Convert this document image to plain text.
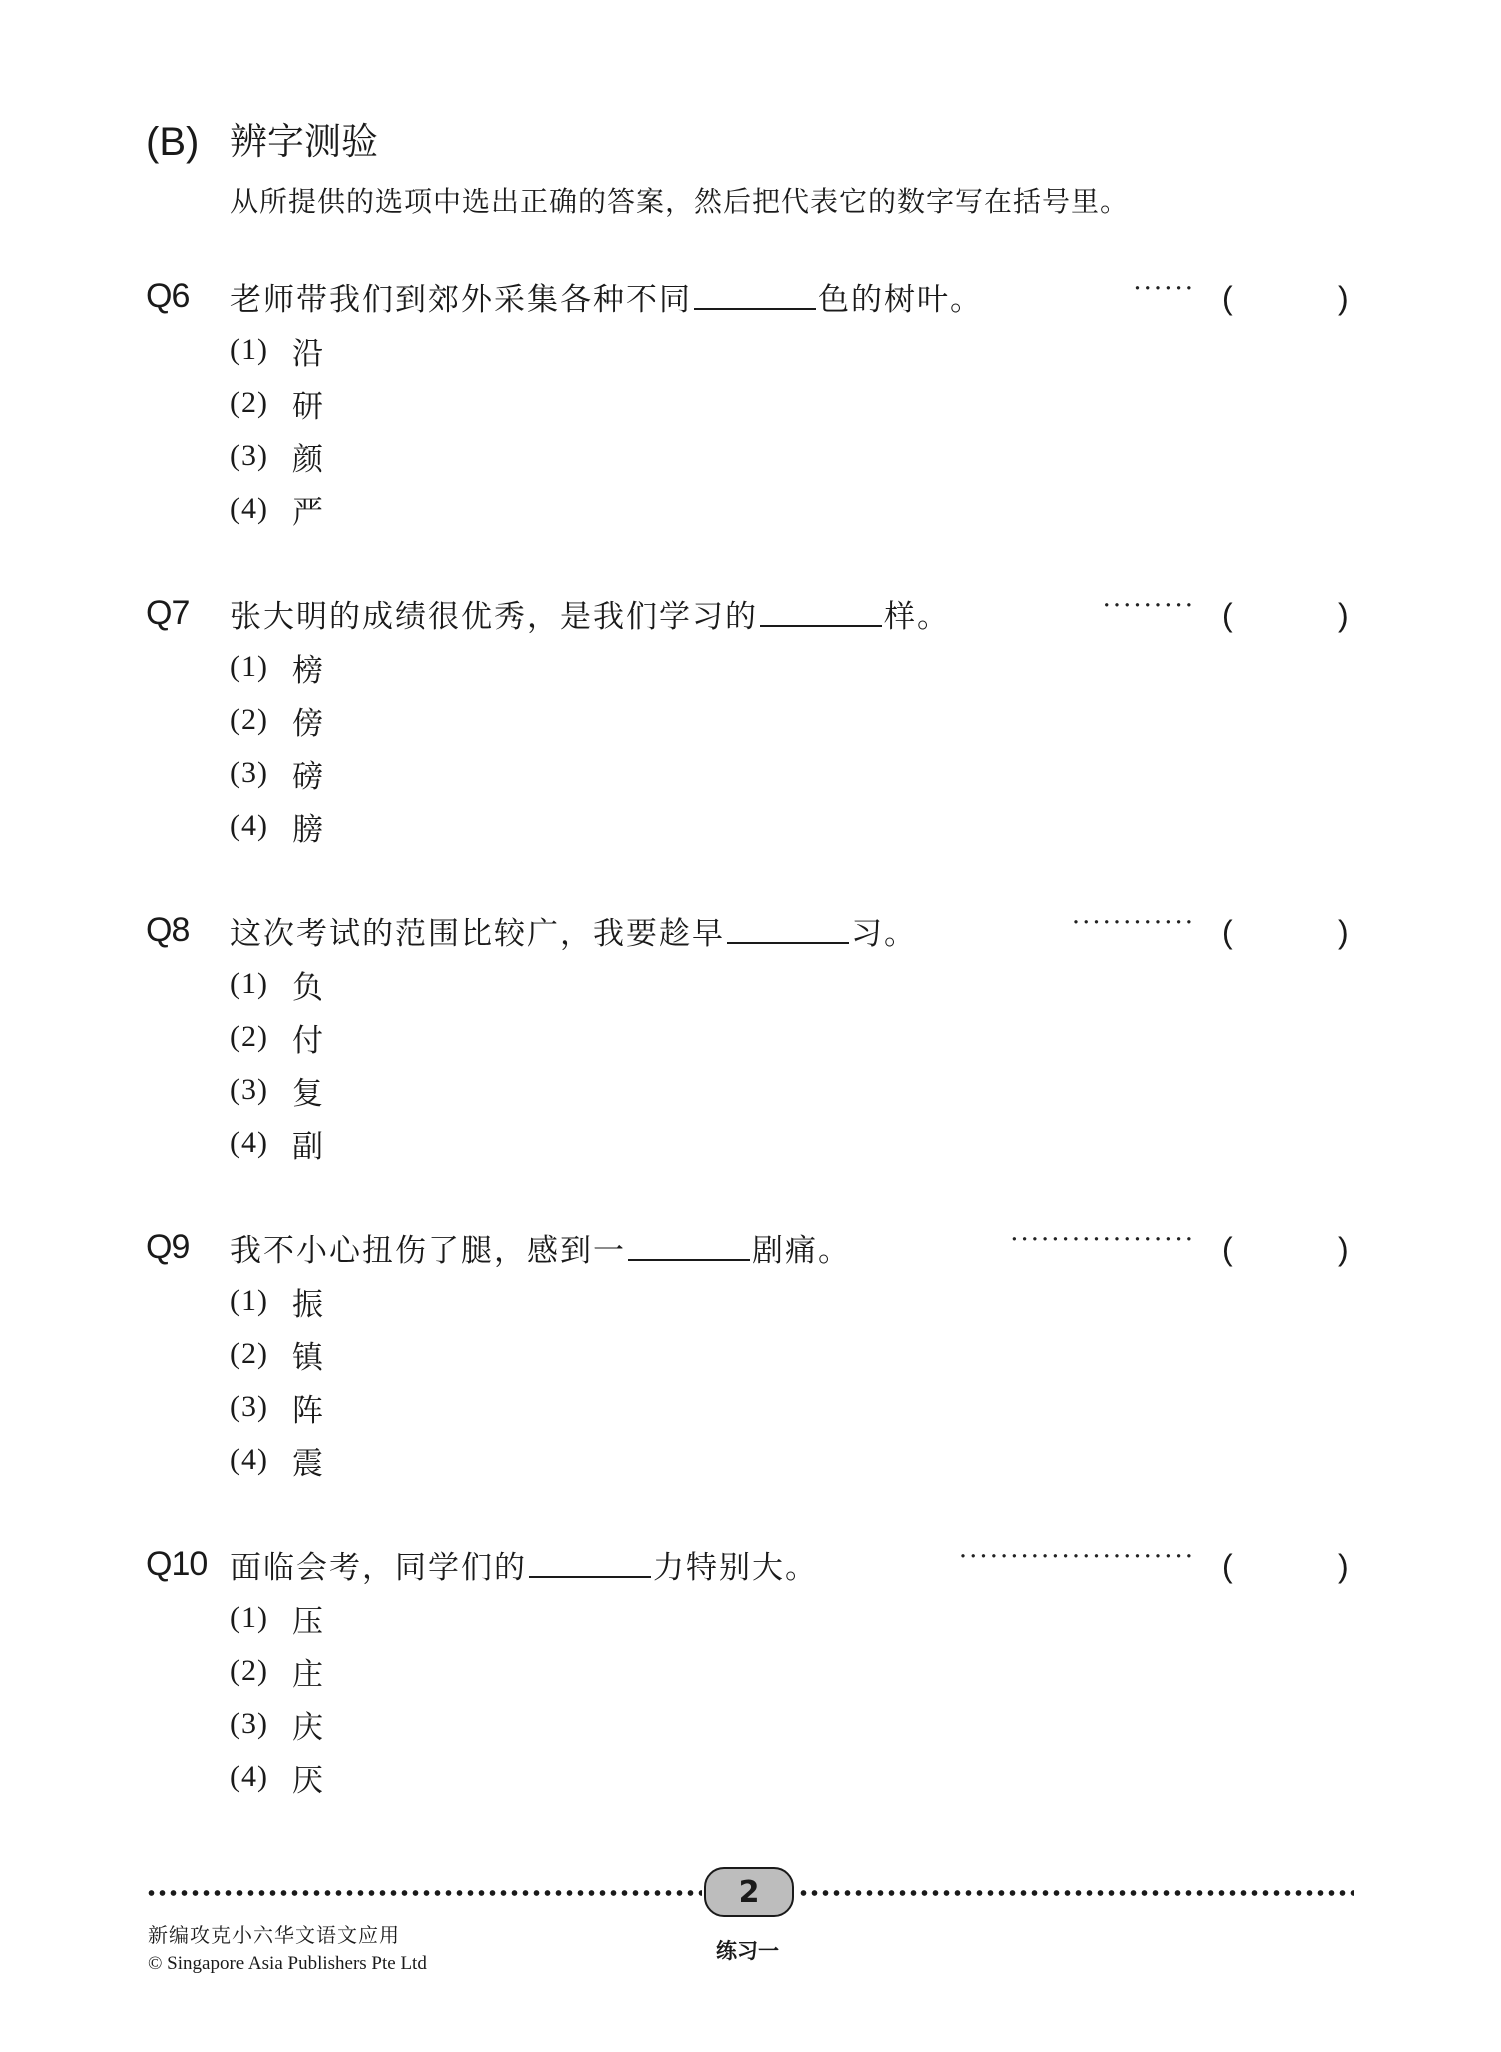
(B) 辨字测验
从所提供的选项中选出正确的答案，然后把代表它的数字写在括号里。
Q6 老师带我们到郊外采集各种不同	色的树叶。	······ (	)
(1) 沿
(2) 研
(3) 颜
(4) 严
Q7 张大明的成绩很优秀，是我们学习的	样。	········· (	)
(1) 榜
(2) 傍
(3) 磅
(4) 膀
Q8 这次考试的范围比较广，我要趁早	习。	············ (	)
(1) 负
(2) 付
(3) 复
(4) 副
Q9 我不小心扭伤了腿，感到一	剧痛。	·················· (	)
(1) 振
(2) 镇
(3) 阵
(4) 震
Q10 面临会考，同学们的	力特别大。	······················· (	)
(1) 压
(2) 庄
(3) 庆
(4) 厌
2
新编攻克小六华文语文应用
© Singapore Asia Publishers Pte Ltd
练习一
